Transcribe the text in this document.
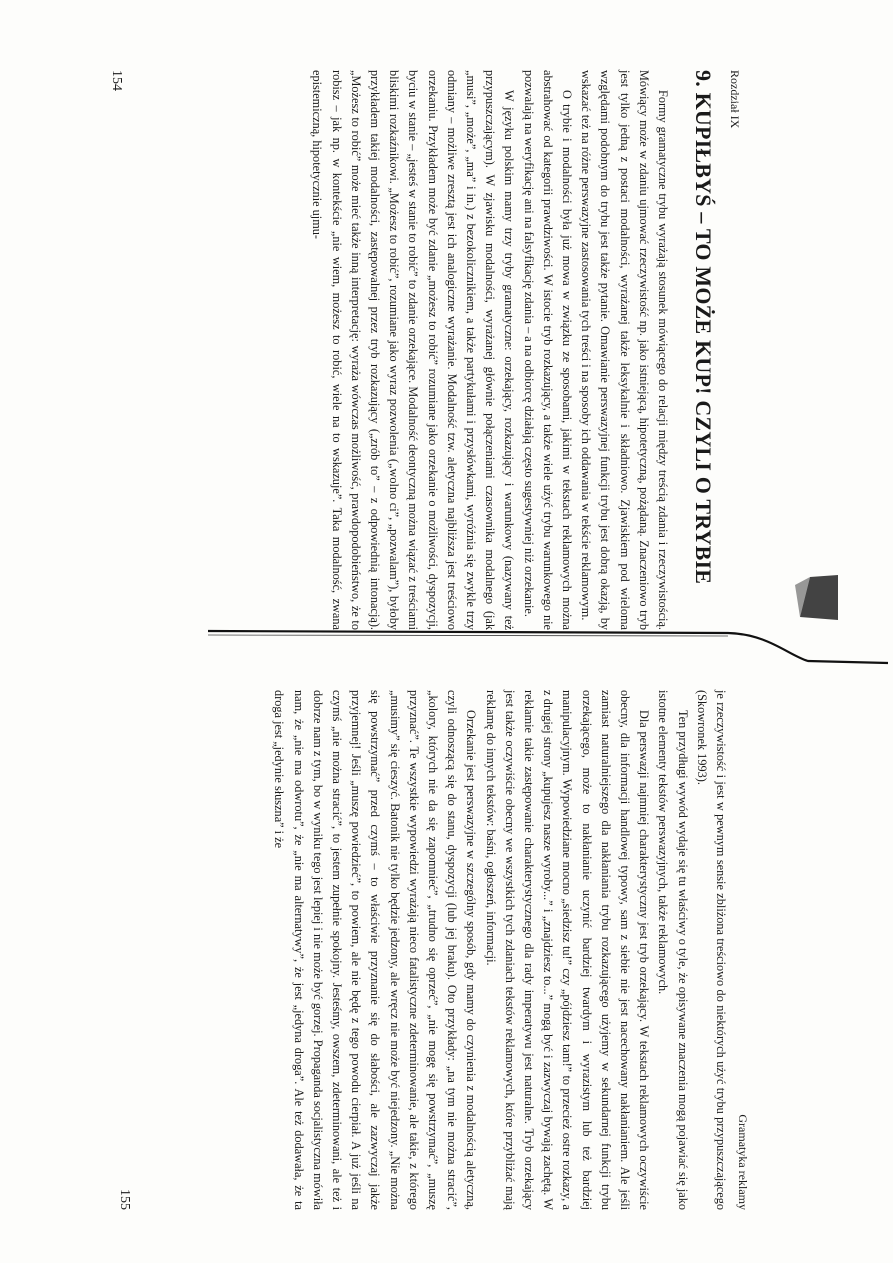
Rozdział IX
9. KUPIŁBYŚ – TO MOŻE KUP! CZYLI O TRYBIE

Formy gramatyczne trybu wyrażają stosunek mówiącego do relacji między treścią zdania i rzeczywistością. Mówiący może w zdaniu ujmować rzeczywistość np. jako istniejącą, hipotetyczną, pożądaną. Znaczeniowo tryb jest tylko jedną z postaci modalności, wyrażanej także leksykalnie i składniowo. Zjawiskiem pod wieloma względami podobnym do trybu jest także pytanie. Omawianie perswazyjnej funkcji trybu jest dobrą okazją, by wskazać też na różne perswazyjne zastosowania tych treści i na sposoby ich oddawania w tekście reklamowym.

O trybie i modalności była już mowa w związku ze sposobami, jakimi w tekstach reklamowych można abstrahować od kategorii prawdziwości. W istocie tryb rozkazujący, a także wiele użyć trybu warunkowego nie pozwalają na weryfikację ani na falsyfikację zdania – a na odbiorcę działają często sugestywniej niż orzekanie.

W języku polskim mamy trzy tryby gramatyczne: orzekający, rozkazujący i warunkowy (nazywany też przypuszczającym). W zjawisku modalności, wyrażanej głównie połączeniami czasownika modalnego (jak „musi”, „może”, „ma” i in.) z bezokolicznikiem, a także partykułami i przysłówkami, wyróżnia się zwykle trzy odmiany – możliwe zresztą jest ich analogiczne wyrażanie. Modalność tzw. aletyczna najbliższa jest treściowo orzekaniu. Przykładem może być zdanie „możesz to robić” rozumiane jako orzekanie o możliwości, dyspozycji, byciu w stanie – „jesteś w stanie to robić” to zdanie orzekające. Modalność deontyczną można wiązać z treściami bliskimi rozkaźnikowi. „Możesz to robić”, rozumiane jako wyraz pozwolenia („wolno ci”, „pozwalam”), byłoby przykładem takiej modalności, zastępowalnej przez tryb rozkazujący („zrób to” – z odpowiednią intonacją). „Możesz to robić” może mieć także inną interpretację: wyraża wówczas możliwość, prawdopodobieństwo, że to robisz – jak np. w kontekście „nie wiem, możesz to robić, wiele na to wskazuje”. Taka modalność, zwana epistemiczną, hipotetycznie ujmu-

154
Gramatyka reklamy

je rzeczywistość i jest w pewnym sensie zbliżona treściowo do niektórych użyć trybu przypuszczającego (Skowronek 1993).

Ten przydługi wywód wydaje się tu właściwy o tyle, że opisywane znaczenia mogą pojawiać się jako istotne elementy tekstów perswazyjnych, także reklamowych.

Dla perswazji najmniej charakterystyczny jest tryb orzekający. W tekstach reklamowych oczywiście obecny, dla informacji handlowej typowy, sam z siebie nie jest nacechowany nakłanianiem. Ale jeśli zamiast naturalniejszego dla nakłaniania trybu rozkazującego użyjemy w sekundarnej funkcji trybu orzekającego, może to nakłanianie uczynić bardziej twardym i wyrazistym lub też bardziej manipulacyjnym. Wypowiedziane mocno „siedzisz tu!” czy „pójdziesz tam!” to przecież ostre rozkazy, a z drugiej strony „kupujesz nasze wyroby...” i „znajdziesz to...” mogą być i zazwyczaj bywają zachętą. W reklamie takie zastępowanie charakterystycznego dla rady imperatywu jest naturalne. Tryb orzekający jest także oczywiście obecny we wszystkich tych zdaniach tekstów reklamowych, które przybliżać mają reklamę do innych tekstów: baśni, ogłoszeń, informacji.

Orzekanie jest perswazyjne w szczególny sposób, gdy mamy do czynienia z modalnością aletyczną, czyli odnoszącą się do stanu, dyspozycji (lub jej braku). Oto przykłady: „na tym nie można stracić”, „kolory, których nie da się zapomnieć”, „trudno się oprzeć”, „nie mogę się powstrzymać”, „muszę przyznać”. Te wszystkie wypowiedzi wyrażają nieco fatalistyczne zdeterminowanie, ale takie, z którego „musimy” się cieszyć. Batonik nie tylko będzie jedzony, ale wręcz nie może być niejedzony. „Nie można się powstrzymać” przed czymś – to właściwie przyznanie się do słabości, ale zazwyczaj jakże przyjemnej! Jeśli „muszę powiedzieć”, to powiem, ale nie będę z tego powodu cierpiał. A już jeśli na czymś „nie można stracić”, to jestem zupełnie spokojny. Jesteśmy, owszem, zdeterminowani, ale też i dobrze nam z tym, bo w wyniku tego jest lepiej i nie może być gorzej. Propaganda socjalistyczna mówiła nam, że „nie ma odwrotu”, że „nie ma alternatywy”, że jest „jedyna droga”. Ale też dodawała, że ta droga jest „jedynie słuszna” i że

155
